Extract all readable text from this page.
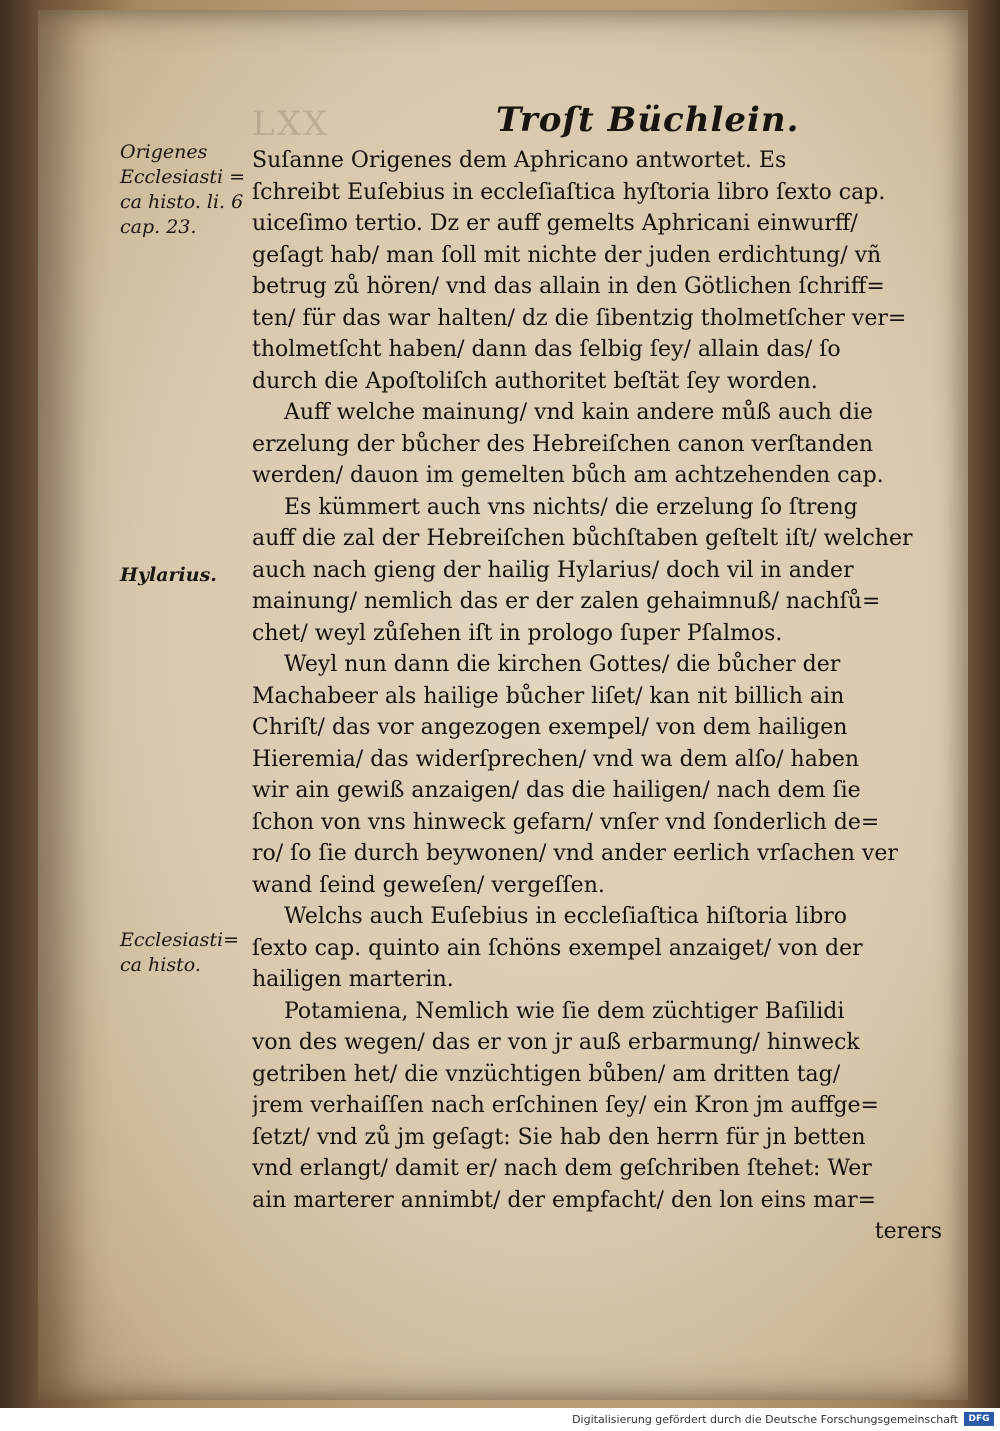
LXX	Troſt Büchlein.
Origenes
Ecclesiasti =
ca histo. li. 6
cap. 23.
Hylarius.
Ecclesiasti=
ca histo.
Suſanne Origenes dem Aphricano antwortet. Es
ſchreibt Euſebius in eccleſiaſtica hyſtoria libro ſexto cap.
uiceſimo tertio. Dz er auff gemelts Aphricani einwurff/
geſagt hab/ man ſoll mit nichte der juden erdichtung/ vñ
betrug zů hören/ vnd das allain in den Götlichen ſchriff=
ten/ für das war halten/ dz die ſibentzig tholmetſcher ver=
tholmetſcht haben/ dann das ſelbig ſey/ allain das/ ſo
durch die Apoſtoliſch authoritet beſtät ſey worden.
Auff welche mainung/ vnd kain andere můß auch die
erzelung der bůcher des Hebreiſchen canon verſtanden
werden/ dauon im gemelten bůch am achtzehenden cap.
Es kümmert auch vns nichts/ die erzelung ſo ſtreng
auff die zal der Hebreiſchen bůchſtaben geſtelt iſt/ welcher
auch nach gieng der hailig Hylarius/ doch vil in ander
mainung/ nemlich das er der zalen gehaimnuß/ nachſů=
chet/ weyl zůſehen iſt in prologo ſuper Pſalmos.
Weyl nun dann die kirchen Gottes/ die bůcher der
Machabeer als hailige bůcher liſet/ kan nit billich ain
Chriſt/ das vor angezogen exempel/ von dem hailigen
Hieremia/ das widerſprechen/ vnd wa dem alſo/ haben
wir ain gewiß anzaigen/ das die hailigen/ nach dem ſie
ſchon von vns hinweck gefarn/ vnſer vnd ſonderlich de=
ro/ ſo ſie durch beywonen/ vnd ander eerlich vrſachen ver
wand ſeind geweſen/ vergeſſen.
Welchs auch Euſebius in eccleſiaſtica hiſtoria libro
ſexto cap. quinto ain ſchöns exempel anzaiget/ von der
hailigen marterin.
Potamiena, Nemlich wie ſie dem züchtiger Baſilidi
von des wegen/ das er von jr auß erbarmung/ hinweck
getriben het/ die vnzüchtigen bůben/ am dritten tag/
jrem verhaiſſen nach erſchinen ſey/ ein Kron jm auffge=
ſetzt/ vnd zů jm geſagt: Sie hab den herrn für jn betten
vnd erlangt/ damit er/ nach dem geſchriben ſtehet: Wer
ain marterer annimbt/ der empfacht/ den lon eins mar=
terers
Digitalisierung gefördert durch die Deutsche Forschungsgemeinschaft	DFG
